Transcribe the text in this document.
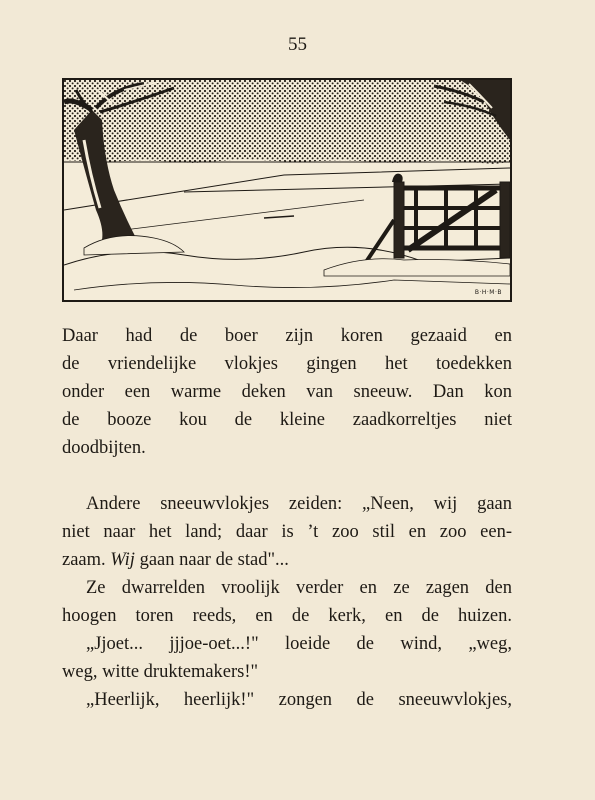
55
B·H·M·B
Daar had de boer zijn koren gezaaid en
de vriendelijke vlokjes gingen het toedekken
onder een warme deken van sneeuw. Dan kon
de booze kou de kleine zaadkorreltjes niet
doodbijten.
Andere sneeuwvlokjes zeiden: „Neen, wij gaan
niet naar het land; daar is ’t zoo stil en zoo een-
zaam. Wij gaan naar de stad"...
Ze dwarrelden vroolijk verder en ze zagen den
hoogen toren reeds, en de kerk, en de huizen.
„Jjoet... jjjoe-oet...!" loeide de wind, „weg,
weg, witte druktemakers!"
„Heerlijk, heerlijk!" zongen de sneeuwvlokjes,
